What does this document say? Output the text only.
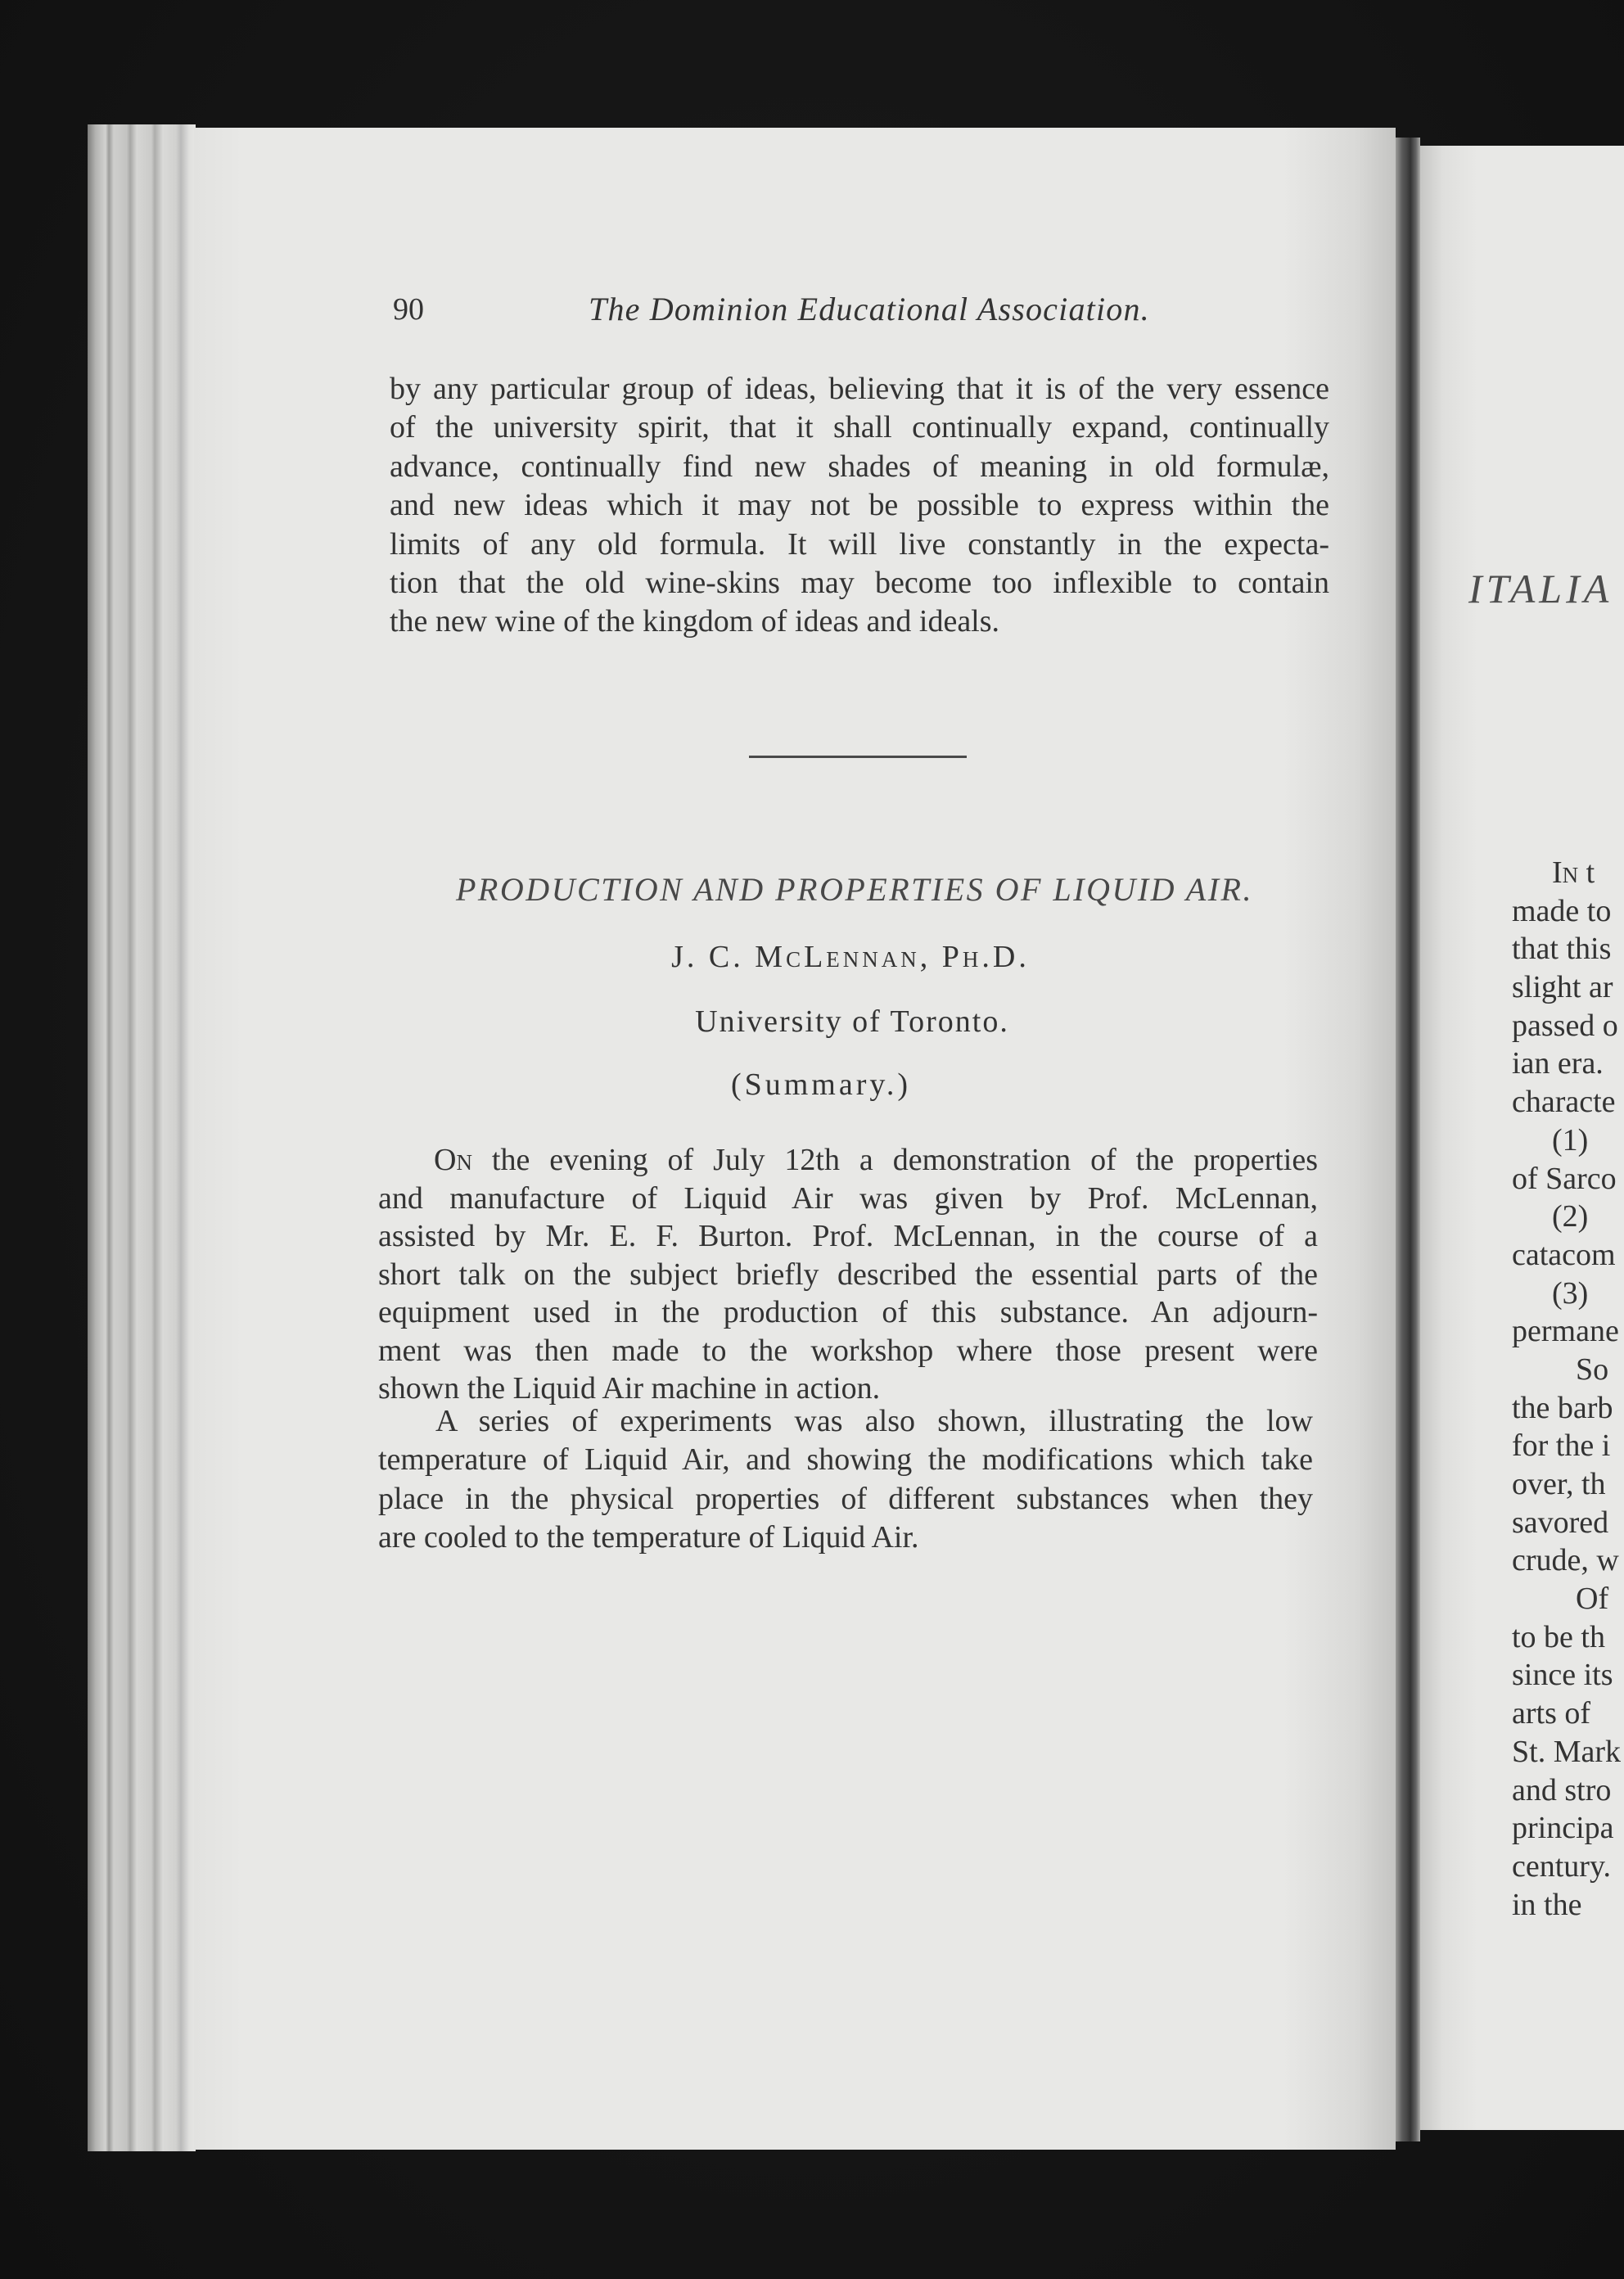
90	The Dominion Educational Association.
by any particular group of ideas, believing that it is of the very essence
of the university spirit, that it shall continually expand, continually
advance, continually find new shades of meaning in old formulæ,
and new ideas which it may not be possible to express within the
limits of any old formula. It will live constantly in the expecta-
tion that the old wine-skins may become too inflexible to contain
the new wine of the kingdom of ideas and ideals.
PRODUCTION AND PROPERTIES OF LIQUID AIR.
J. C. McLennan, Ph.D.
University of Toronto.
(Summary.)
On the evening of July 12th a demonstration of the properties
and manufacture of Liquid Air was given by Prof. McLennan,
assisted by Mr. E. F. Burton. Prof. McLennan, in the course of a
short talk on the subject briefly described the essential parts of the
equipment used in the production of this substance. An adjourn-
ment was then made to the workshop where those present were
shown the Liquid Air machine in action.
A series of experiments was also shown, illustrating the low
temperature of Liquid Air, and showing the modifications which take
place in the physical properties of different substances when they
are cooled to the temperature of Liquid Air.
ITALIA
In t
made to
that this
slight ar
passed o
ian era.
characte
(1)
of Sarco
(2)
catacom
(3)
permane
So
the barb
for the i
over, th
savored
crude, w
Of
to be th
since its
arts of
St. Mark
and stro
principa
century.
in the
